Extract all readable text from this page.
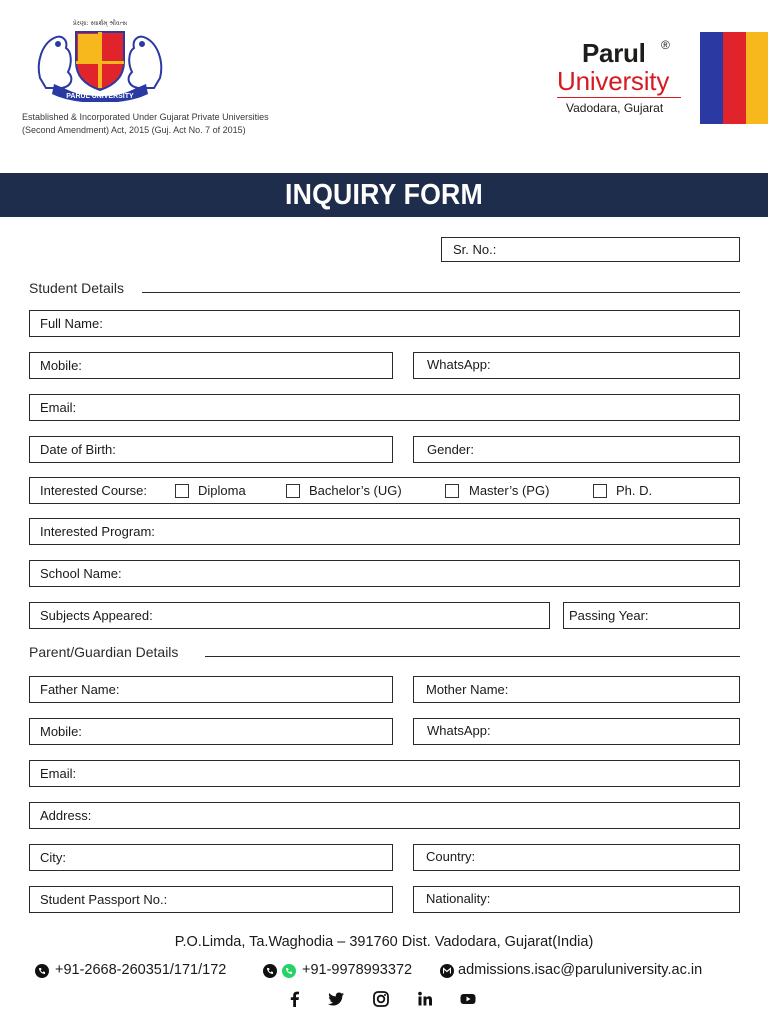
પ્રેરણા: સ્વાર્થમ્ શ્રીવત્સ
PARUL UNIVERSITY
Established & Incorporated Under Gujarat Private Universities
(Second Amendment) Act, 2015 (Guj. Act No. 7 of 2015)
Parul ®
University
Vadodara, Gujarat
INQUIRY FORM
Sr. No.:
Student Details
Full Name:
Mobile:	WhatsApp:
Email:
Date of Birth:	Gender:
Interested Course:	Diploma	Bachelor’s (UG)	Master’s (PG)	Ph. D.
Interested Program:
School Name:
Subjects Appeared:	Passing Year:
Parent/Guardian Details
Father Name:	Mother Name:
Mobile:	WhatsApp:
Email:
Address:
City:	Country:
Student Passport No.:	Nationality:
P.O.Limda, Ta.Waghodia – 391760 Dist. Vadodara, Gujarat(India)
+91-2668-260351/171/172	+91-9978993372	admissions.isac@paruluniversity.ac.in
